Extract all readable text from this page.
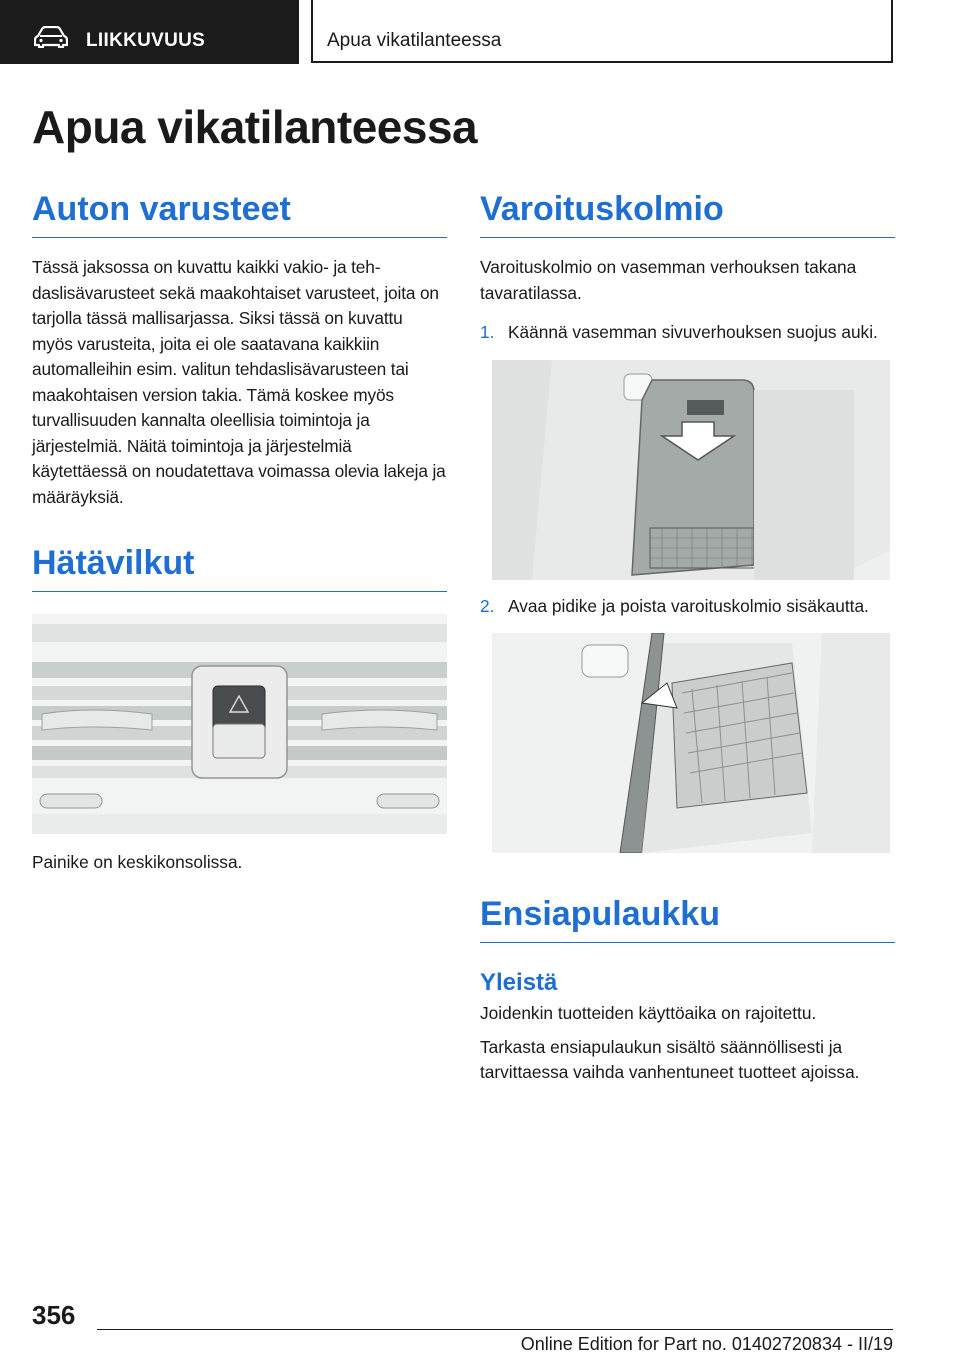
LIIKKUVUUS	Apua vikatilanteessa
Apua vikatilanteessa
Auton varusteet

Tässä jaksossa on kuvattu kaikki vakio- ja tehdaslisävarusteet sekä maakohtaiset varusteet, joita on tarjolla tässä mallisarjassa. Siksi tässä on kuvattu myös varusteita, joita ei ole saatavana kaikkiin automalleihin esim. valitun tehdaslisävarusteen tai maakohtaisen version takia. Tämä koskee myös turvallisuuden kannalta oleellisia toimintoja ja järjestelmiä. Näitä toimintoja ja järjestelmiä käytettäessä on noudatettava voimassa olevia lakeja ja määräyksiä.

Hätävilkut

Painike on keskikonsolissa.

Varoituskolmio

Varoituskolmio on vasemman verhouksen takana tavaratilassa.

1. Käännä vasemman sivuverhouksen suojus auki.
2. Avaa pidike ja poista varoituskolmio sisäkautta.
Ensiapulaukku
Yleistä

Joidenkin tuotteiden käyttöaika on rajoitettu.

Tarkasta ensiapulaukun sisältö säännöllisesti ja tarvittaessa vaihda vanhentuneet tuotteet ajoissa.

356
Online Edition for Part no. 01402720834 - II/19
